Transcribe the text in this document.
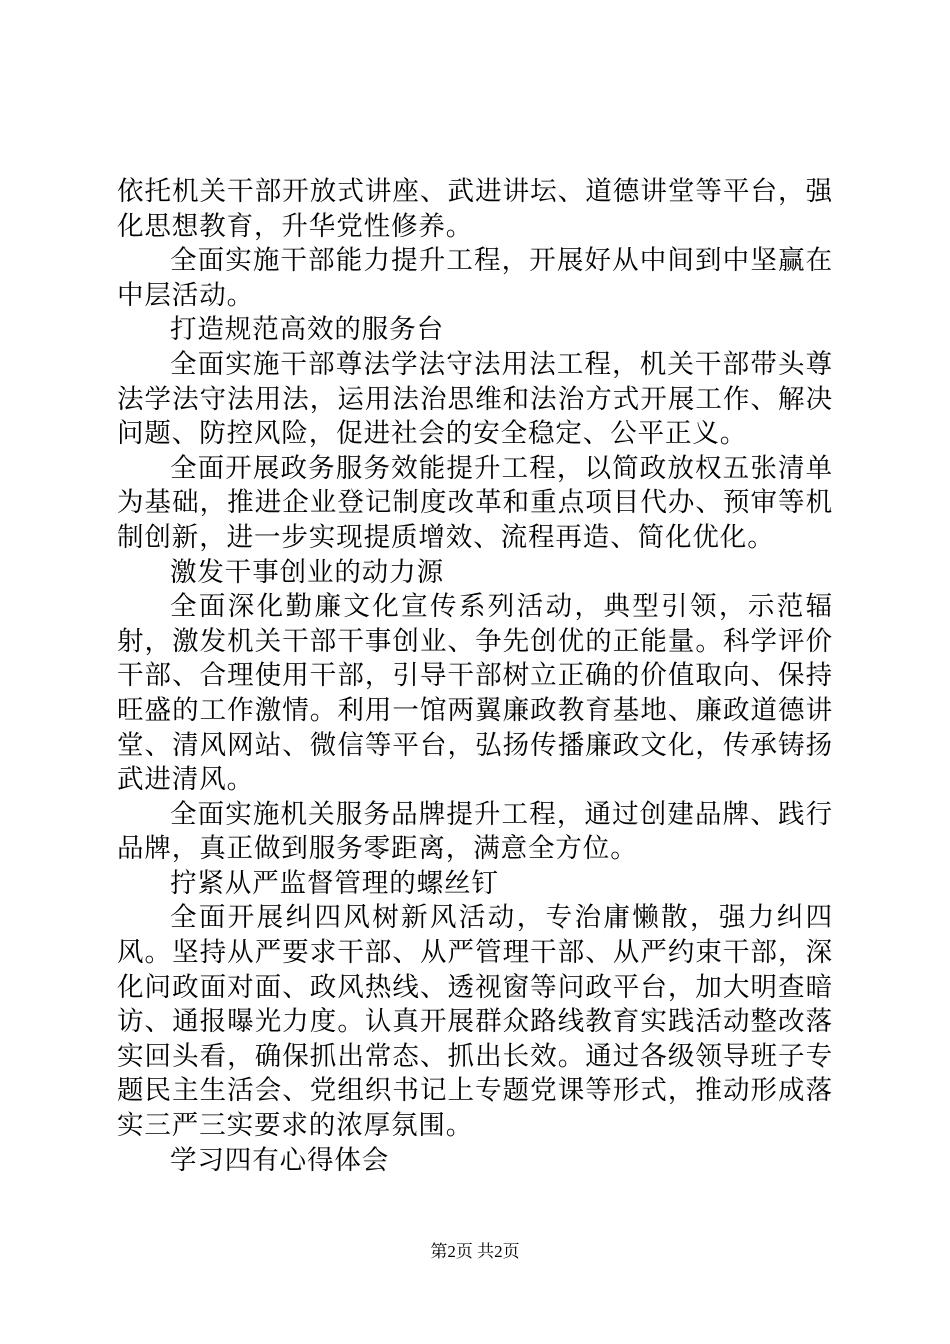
依托机关干部开放式讲座、武进讲坛、道德讲堂等平台，强化思想教育，升华党性修养。

全面实施干部能力提升工程，开展好从中间到中坚赢在中层活动。

打造规范高效的服务台

全面实施干部尊法学法守法用法工程，机关干部带头尊法学法守法用法，运用法治思维和法治方式开展工作、解决问题、防控风险，促进社会的安全稳定、公平正义。

全面开展政务服务效能提升工程，以简政放权五张清单为基础，推进企业登记制度改革和重点项目代办、预审等机制创新，进一步实现提质增效、流程再造、简化优化。

激发干事创业的动力源

全面深化勤廉文化宣传系列活动，典型引领，示范辐射，激发机关干部干事创业、争先创优的正能量。科学评价干部、合理使用干部，引导干部树立正确的价值取向、保持旺盛的工作激情。利用一馆两翼廉政教育基地、廉政道德讲堂、清风网站、微信等平台，弘扬传播廉政文化，传承铸扬武进清风。

全面实施机关服务品牌提升工程，通过创建品牌、践行品牌，真正做到服务零距离，满意全方位。

拧紧从严监督管理的螺丝钉

全面开展纠四风树新风活动，专治庸懒散，强力纠四风。坚持从严要求干部、从严管理干部、从严约束干部，深化问政面对面、政风热线、透视窗等问政平台，加大明查暗访、通报曝光力度。认真开展群众路线教育实践活动整改落实回头看，确保抓出常态、抓出长效。通过各级领导班子专题民主生活会、党组织书记上专题党课等形式，推动形成落实三严三实要求的浓厚氛围。

学习四有心得体会

第2页 共2页
